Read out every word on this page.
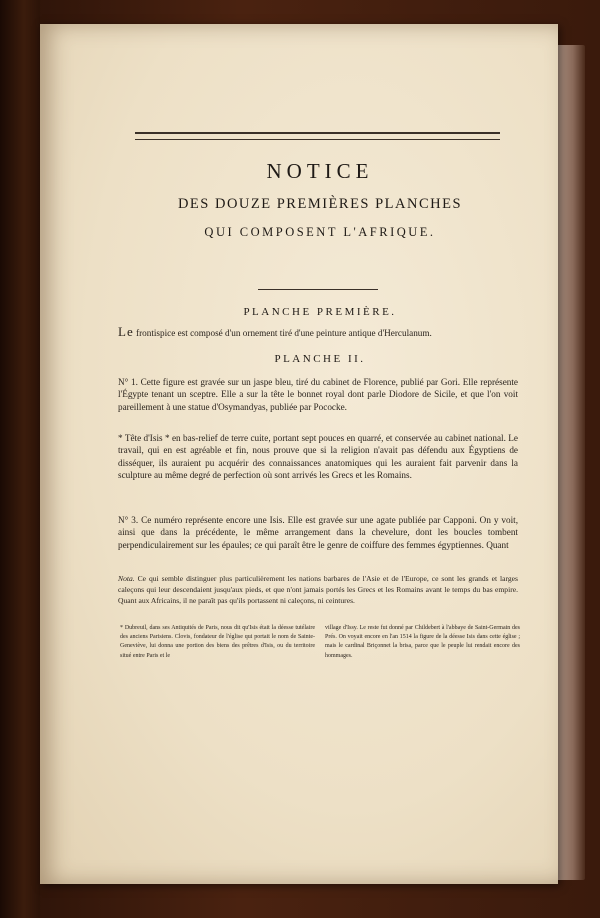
NOTICE
DES DOUZE PREMIÈRES PLANCHES
QUI COMPOSENT L'AFRIQUE.
PLANCHE PREMIÈRE.
Le frontispice est composé d'un ornement tiré d'une peinture antique d'Herculanum.
PLANCHE II.
N° 1. Cette figure est gravée sur un jaspe bleu, tiré du cabinet de Florence, publié par Gori. Elle représente l'Égypte tenant un sceptre. Elle a sur la tête le bonnet royal dont parle Diodore de Sicile, et que l'on voit pareillement à une statue d'Osymandyas, publiée par Pococke.
* Tête d'Isis * en bas-relief de terre cuite, portant sept pouces en quarré, et conservée au cabinet national. Le travail, qui en est agréable et fin, nous prouve que si la religion n'avait pas défendu aux Égyptiens de disséquer, ils auraient pu acquérir des connaissances anatomiques qui les auraient fait parvenir dans la sculpture au même degré de perfection où sont arrivés les Grecs et les Romains.
N° 3. Ce numéro représente encore une Isis. Elle est gravée sur une agate publiée par Capponi. On y voit, ainsi que dans la précédente, le même arrangement dans la chevelure, dont les boucles tombent perpendiculairement sur les épaules; ce qui paraît être le genre de coiffure des femmes égyptiennes. Quant
Nota. Ce qui semble distinguer plus particulièrement les nations barbares de l'Asie et de l'Europe, ce sont les grands et larges caleçons qui leur descendaient jusqu'aux pieds, et que n'ont jamais portés les Grecs et les Romains avant le temps du bas empire. Quant aux Africains, il ne paraît pas qu'ils portassent ni caleçons, ni ceintures.
* Dubreuil, dans ses Antiquités de Paris, nous dit qu'Isis était la déesse tutélaire des anciens Parisiens. Clovis, fondateur de l'église qui portait le nom de Sainte-Geneviève, lui donna une portion des biens des prêtres d'Isis, ou du territoire situé entre Paris et le
village d'Issy. Le reste fut donné par Childebert à l'abbaye de Saint-Germain des Prés. On voyait encore en l'an 1514 la figure de la déesse Isis dans cette église ; mais le cardinal Briçonnet la brisa, parce que le peuple lui rendait encore des hommages.
